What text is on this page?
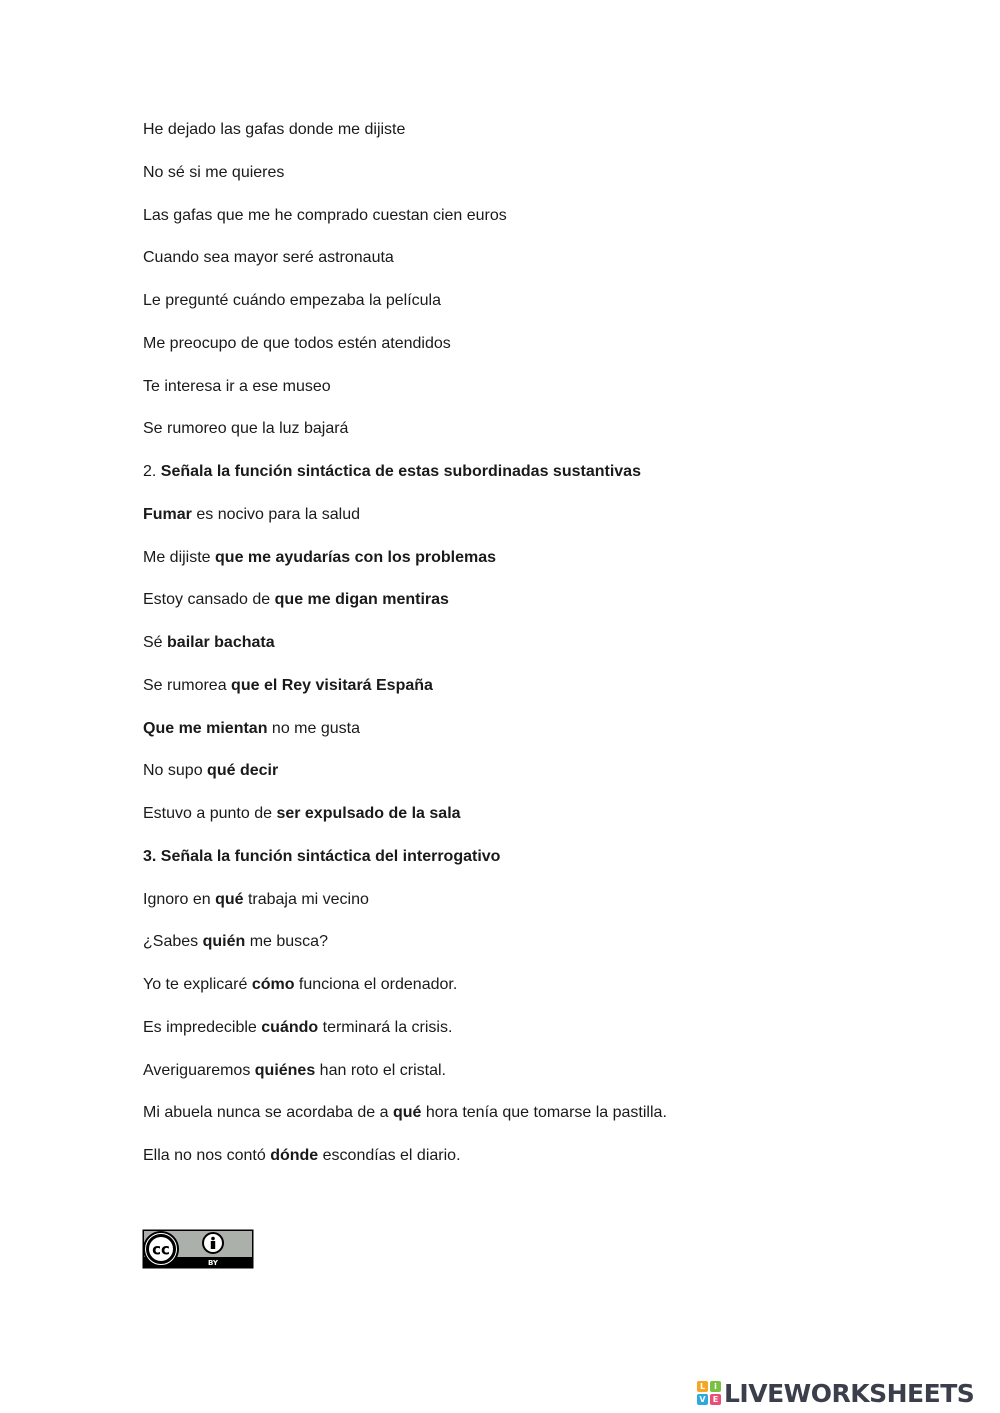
He dejado las gafas donde me dijiste
No sé si me quieres
Las gafas que me he comprado cuestan cien euros
Cuando sea mayor seré astronauta
Le pregunté cuándo empezaba la película
Me preocupo de que todos estén atendidos
Te interesa ir a ese museo
Se rumoreo que la luz bajará
2. Señala la función sintáctica de estas subordinadas sustantivas
Fumar es nocivo para la salud
Me dijiste que me ayudarías con los problemas
Estoy cansado de que me digan mentiras
Sé bailar bachata
Se rumorea que el Rey visitará España
Que me mientan no me gusta
No supo qué decir
Estuvo a punto de ser expulsado de la sala
3. Señala la función sintáctica del interrogativo
Ignoro en qué trabaja mi vecino
¿Sabes quién me busca?
Yo te explicaré cómo funciona el ordenador.
Es impredecible cuándo terminará la crisis.
Averiguaremos quiénes han roto el cristal.
Mi abuela nunca se acordaba de a qué hora tenía que tomarse la pastilla.
Ella no nos contó dónde escondías el diario.
cc
BY
L	i
V E LIVEWORKSHEETS
